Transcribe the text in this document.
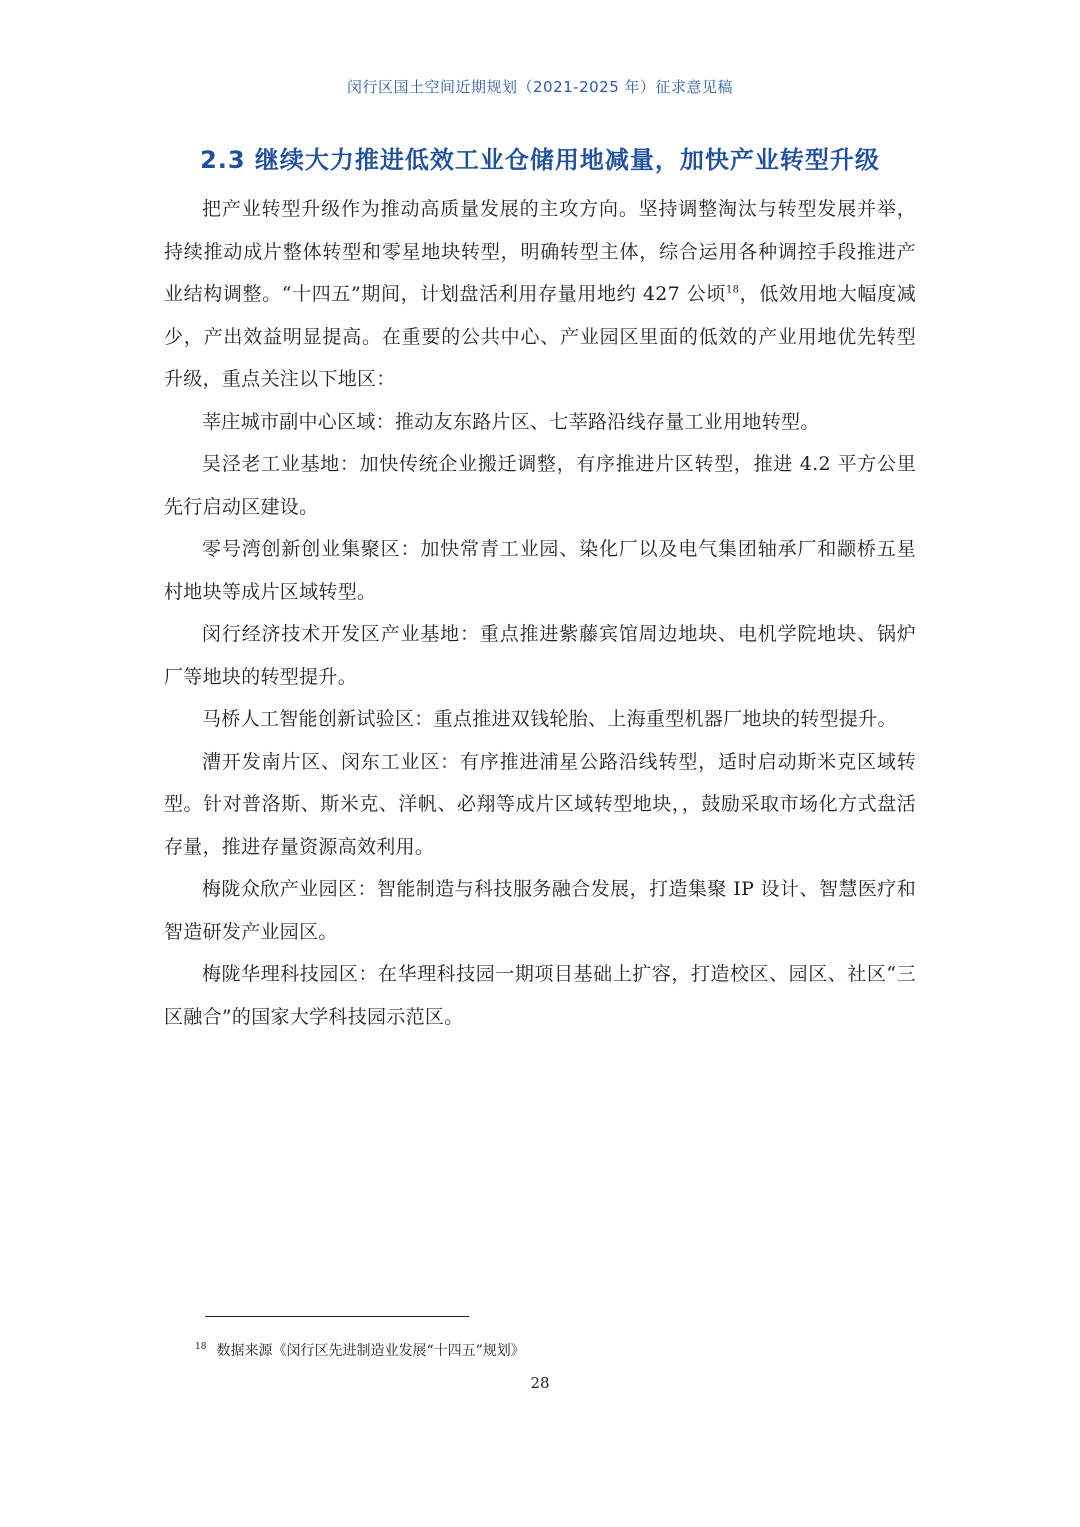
闵行区国土空间近期规划（2021-2025 年）征求意见稿
2.3 继续大力推进低效工业仓储用地减量，加快产业转型升级

把产业转型升级作为推动高质量发展的主攻方向。坚持调整淘汰与转型发展并举，持续推动成片整体转型和零星地块转型，明确转型主体，综合运用各种调控手段推进产业结构调整。“十四五”期间，计划盘活利用存量用地约 427 公顷$^{18}$，低效用地大幅度减少，产出效益明显提高。在重要的公共中心、产业园区里面的低效的产业用地优先转型升级，重点关注以下地区：

莘庄城市副中心区域：推动友东路片区、七莘路沿线存量工业用地转型。

吴泾老工业基地：加快传统企业搬迁调整，有序推进片区转型，推进 4.2 平方公里先行启动区建设。

零号湾创新创业集聚区：加快常青工业园、染化厂以及电气集团轴承厂和颛桥五星村地块等成片区域转型。

闵行经济技术开发区产业基地：重点推进紫藤宾馆周边地块、电机学院地块、锅炉厂等地块的转型提升。

马桥人工智能创新试验区：重点推进双钱轮胎、上海重型机器厂地块的转型提升。

漕开发南片区、闵东工业区：有序推进浦星公路沿线转型，适时启动斯米克区域转型。针对普洛斯、斯米克、洋帆、必翔等成片区域转型地块，，鼓励采取市场化方式盘活存量，推进存量资源高效利用。

梅陇众欣产业园区：智能制造与科技服务融合发展，打造集聚 IP 设计、智慧医疗和智造研发产业园区。

梅陇华理科技园区：在华理科技园一期项目基础上扩容，打造校区、园区、社区“三区融合”的国家大学科技园示范区。

$^{18}$ 数据来源《闵行区先进制造业发展“十四五”规划》
28
